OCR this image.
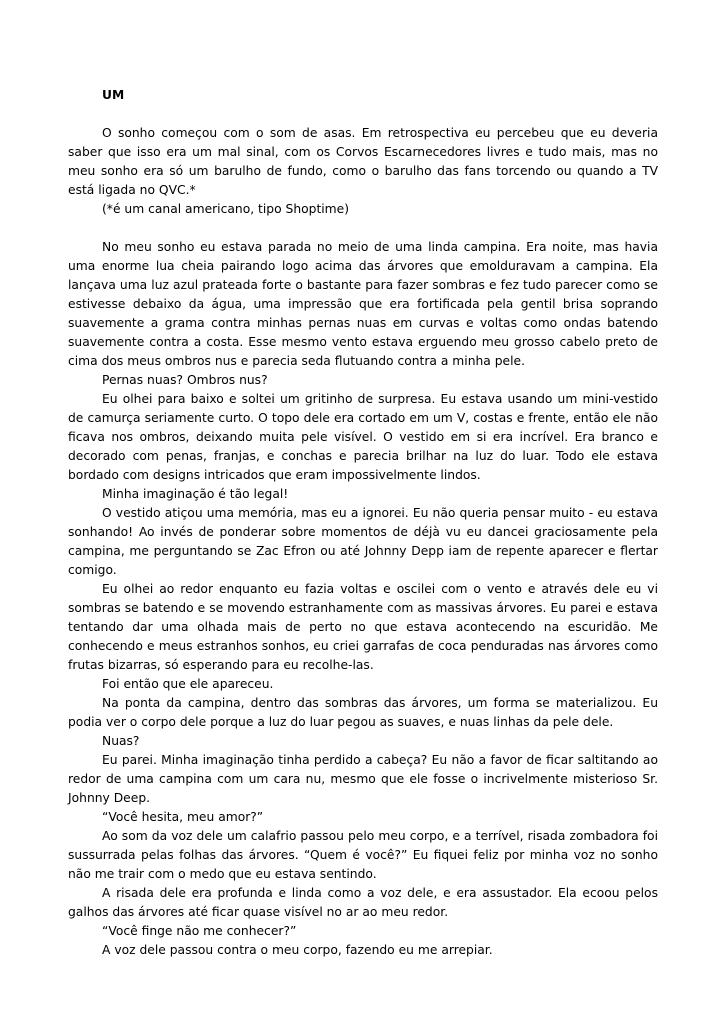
UM

O sonho começou com o som de asas. Em retrospectiva eu percebeu que eu deveria saber que isso era um mal sinal, com os Corvos Escarnecedores livres e tudo mais, mas no meu sonho era só um barulho de fundo, como o barulho das fans torcendo ou quando a TV está ligada no QVC.*

(*é um canal americano, tipo Shoptime)

No meu sonho eu estava parada no meio de uma linda campina. Era noite, mas havia uma enorme lua cheia pairando logo acima das árvores que emolduravam a campina. Ela lançava uma luz azul prateada forte o bastante para fazer sombras e fez tudo parecer como se estivesse debaixo da água, uma impressão que era fortificada pela gentil brisa soprando suavemente a grama contra minhas pernas nuas em curvas e voltas como ondas batendo suavemente contra a costa. Esse mesmo vento estava erguendo meu grosso cabelo preto de cima dos meus ombros nus e parecia seda flutuando contra a minha pele.

Pernas nuas? Ombros nus?

Eu olhei para baixo e soltei um gritinho de surpresa. Eu estava usando um mini-vestido de camurça seriamente curto. O topo dele era cortado em um V, costas e frente, então ele não ficava nos ombros, deixando muita pele visível. O vestido em si era incrível. Era branco e decorado com penas, franjas, e conchas e parecia brilhar na luz do luar. Todo ele estava bordado com designs intricados que eram impossivelmente lindos.

Minha imaginação é tão legal!

O vestido atiçou uma memória, mas eu a ignorei. Eu não queria pensar muito - eu estava sonhando! Ao invés de ponderar sobre momentos de déjà vu eu dancei graciosamente pela campina, me perguntando se Zac Efron ou até Johnny Depp iam de repente aparecer e flertar comigo.

Eu olhei ao redor enquanto eu fazia voltas e oscilei com o vento e através dele eu vi sombras se batendo e se movendo estranhamente com as massivas árvores. Eu parei e estava tentando dar uma olhada mais de perto no que estava acontecendo na escuridão. Me conhecendo e meus estranhos sonhos, eu criei garrafas de coca penduradas nas árvores como frutas bizarras, só esperando para eu recolhe-las.

Foi então que ele apareceu.

Na ponta da campina, dentro das sombras das árvores, um forma se materializou. Eu podia ver o corpo dele porque a luz do luar pegou as suaves, e nuas linhas da pele dele.

Nuas?

Eu parei. Minha imaginação tinha perdido a cabeça? Eu não a favor de ficar saltitando ao redor de uma campina com um cara nu, mesmo que ele fosse o incrivelmente misterioso Sr. Johnny Deep.

“Você hesita, meu amor?”

Ao som da voz dele um calafrio passou pelo meu corpo, e a terrível, risada zombadora foi sussurrada pelas folhas das árvores. “Quem é você?” Eu fiquei feliz por minha voz no sonho não me trair com o medo que eu estava sentindo.

A risada dele era profunda e linda como a voz dele, e era assustador. Ela ecoou pelos galhos das árvores até ficar quase visível no ar ao meu redor.

“Você finge não me conhecer?”

A voz dele passou contra o meu corpo, fazendo eu me arrepiar.
